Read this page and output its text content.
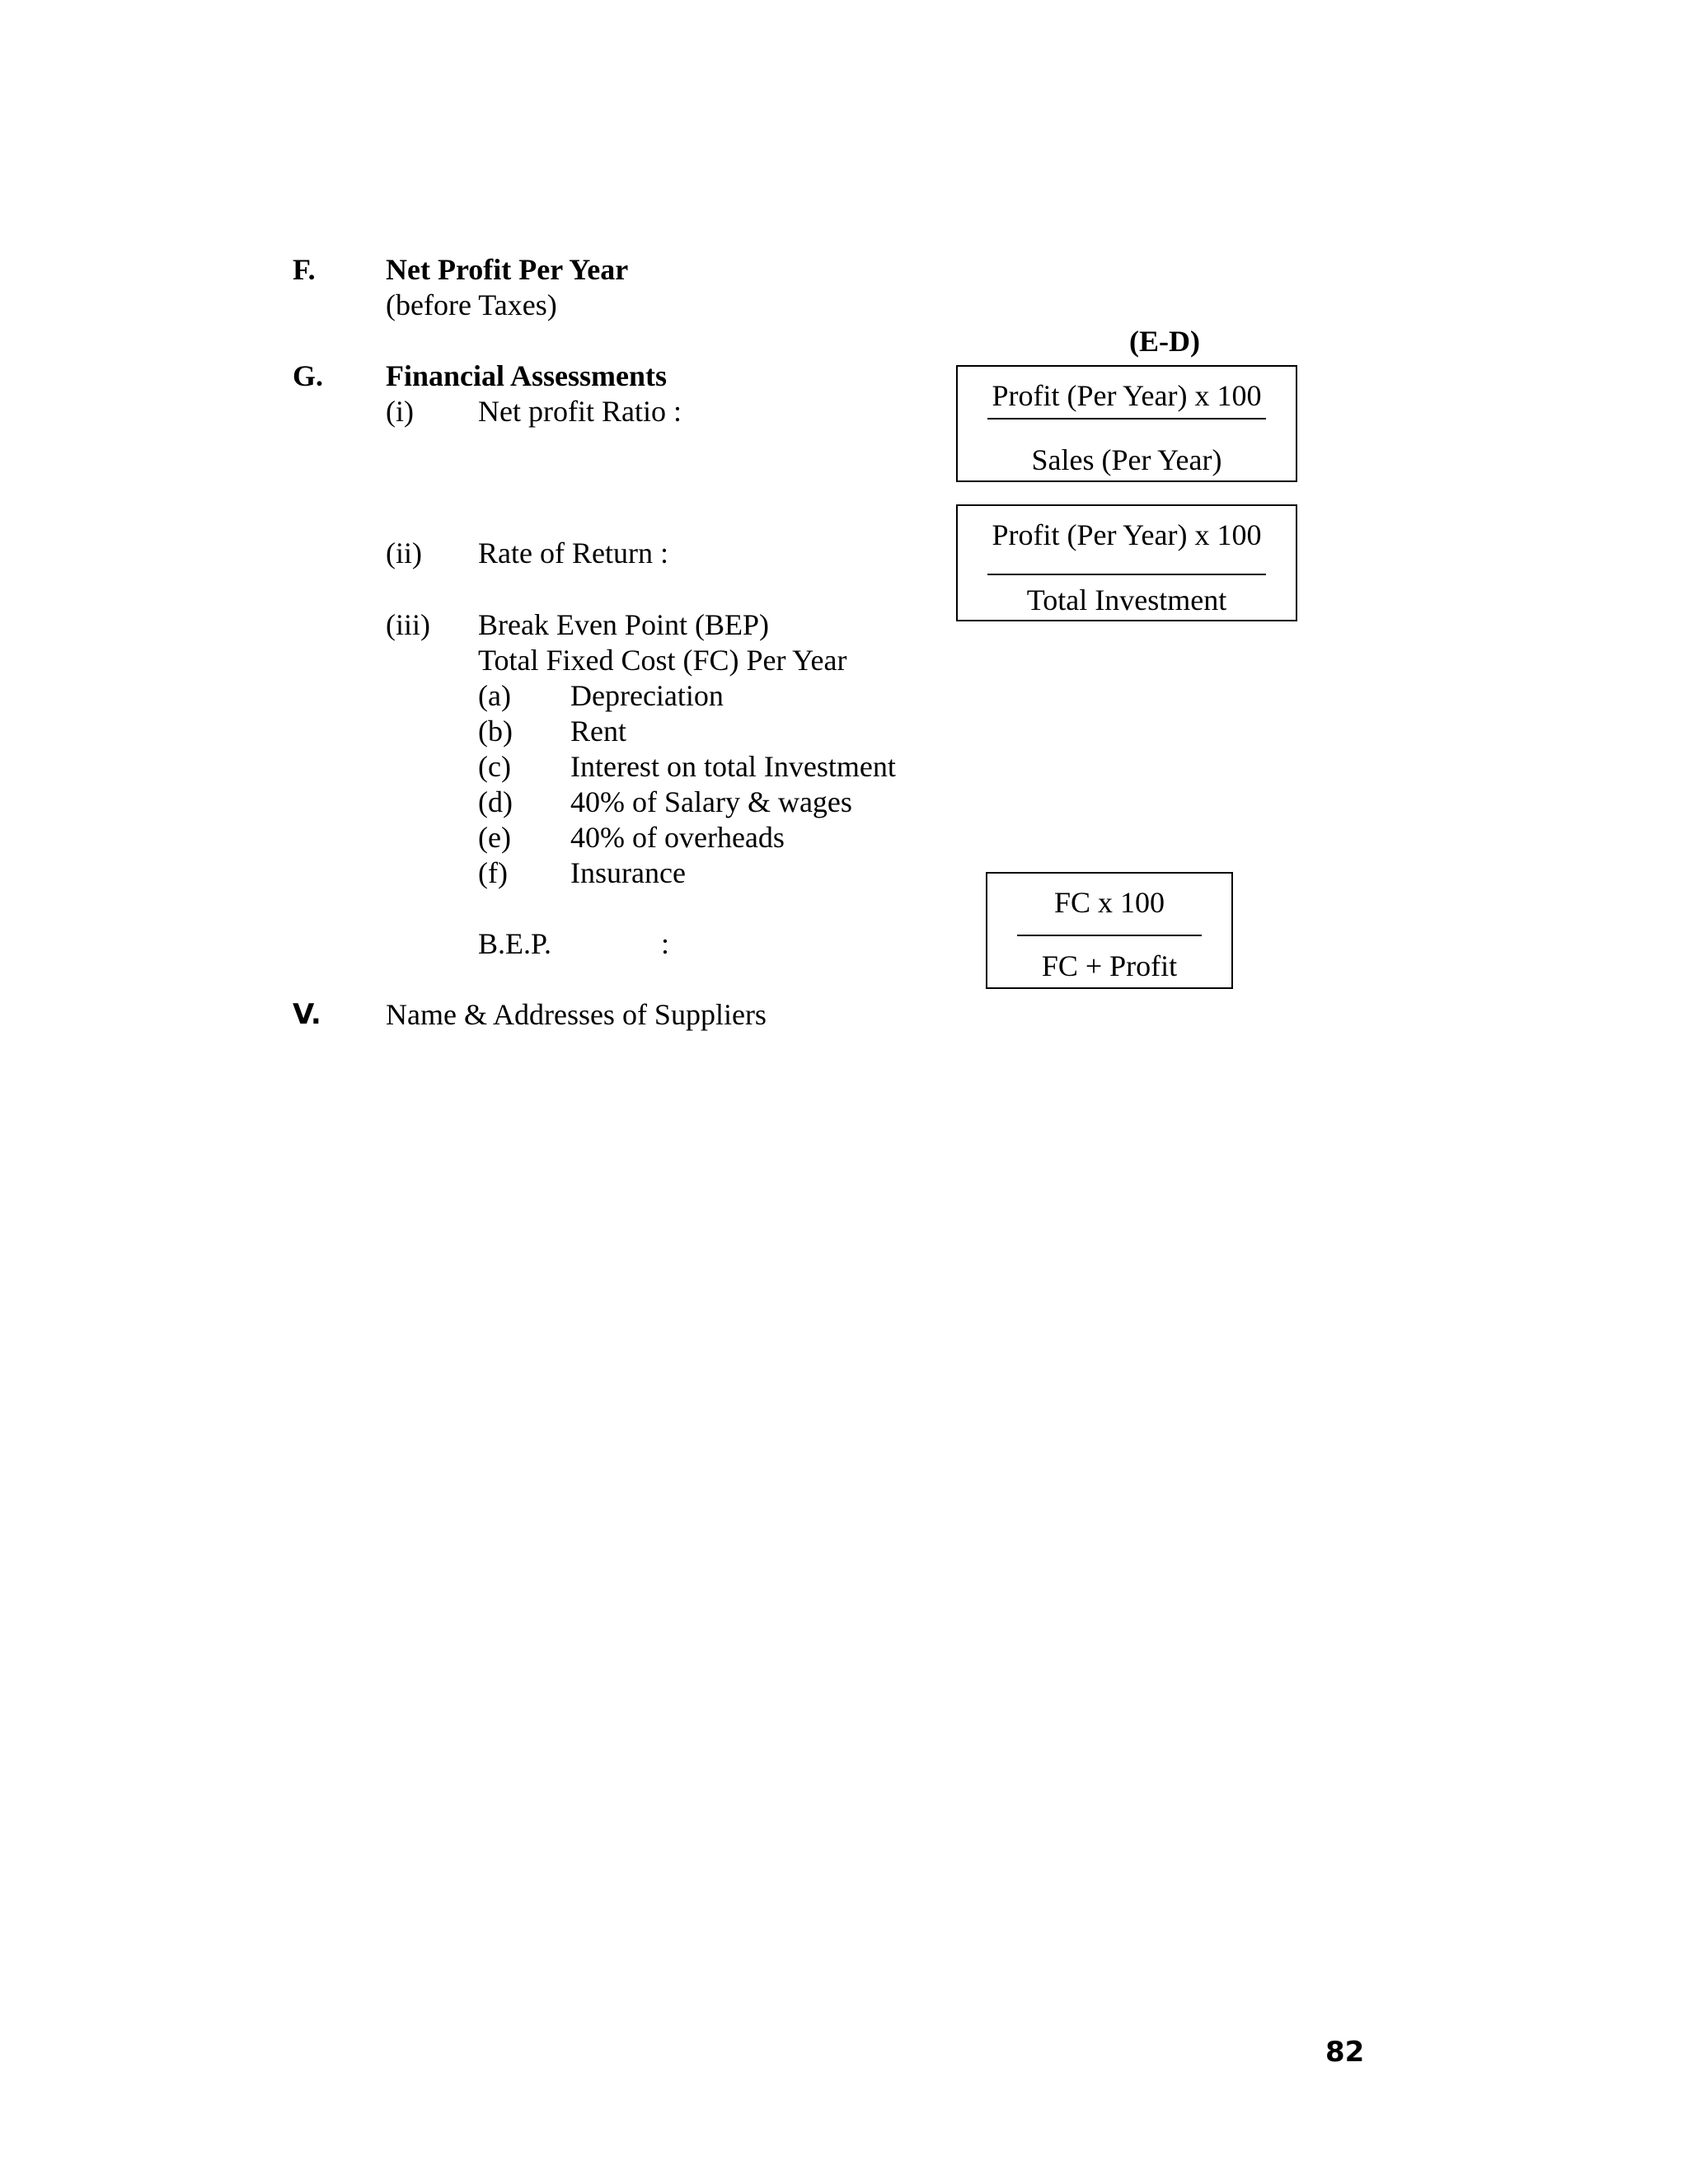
F. Net Profit Per Year
(before Taxes)
(E-D)
G. Financial Assessments
(i) Net profit Ratio :	Profit (Per Year) x 100
Sales (Per Year)
(ii) Rate of Return :
Profit (Per Year) x 100
Total Investment
(iii) Break Even Point (BEP)
Total Fixed Cost (FC) Per Year
(a) Depreciation
(b) Rent
(c) Interest on total Investment
(d) 40% of Salary & wages
(e) 40% of overheads
(f) Insurance
B.E.P.	:
FC x 100
FC + Profit
V. Name & Addresses of Suppliers
82
